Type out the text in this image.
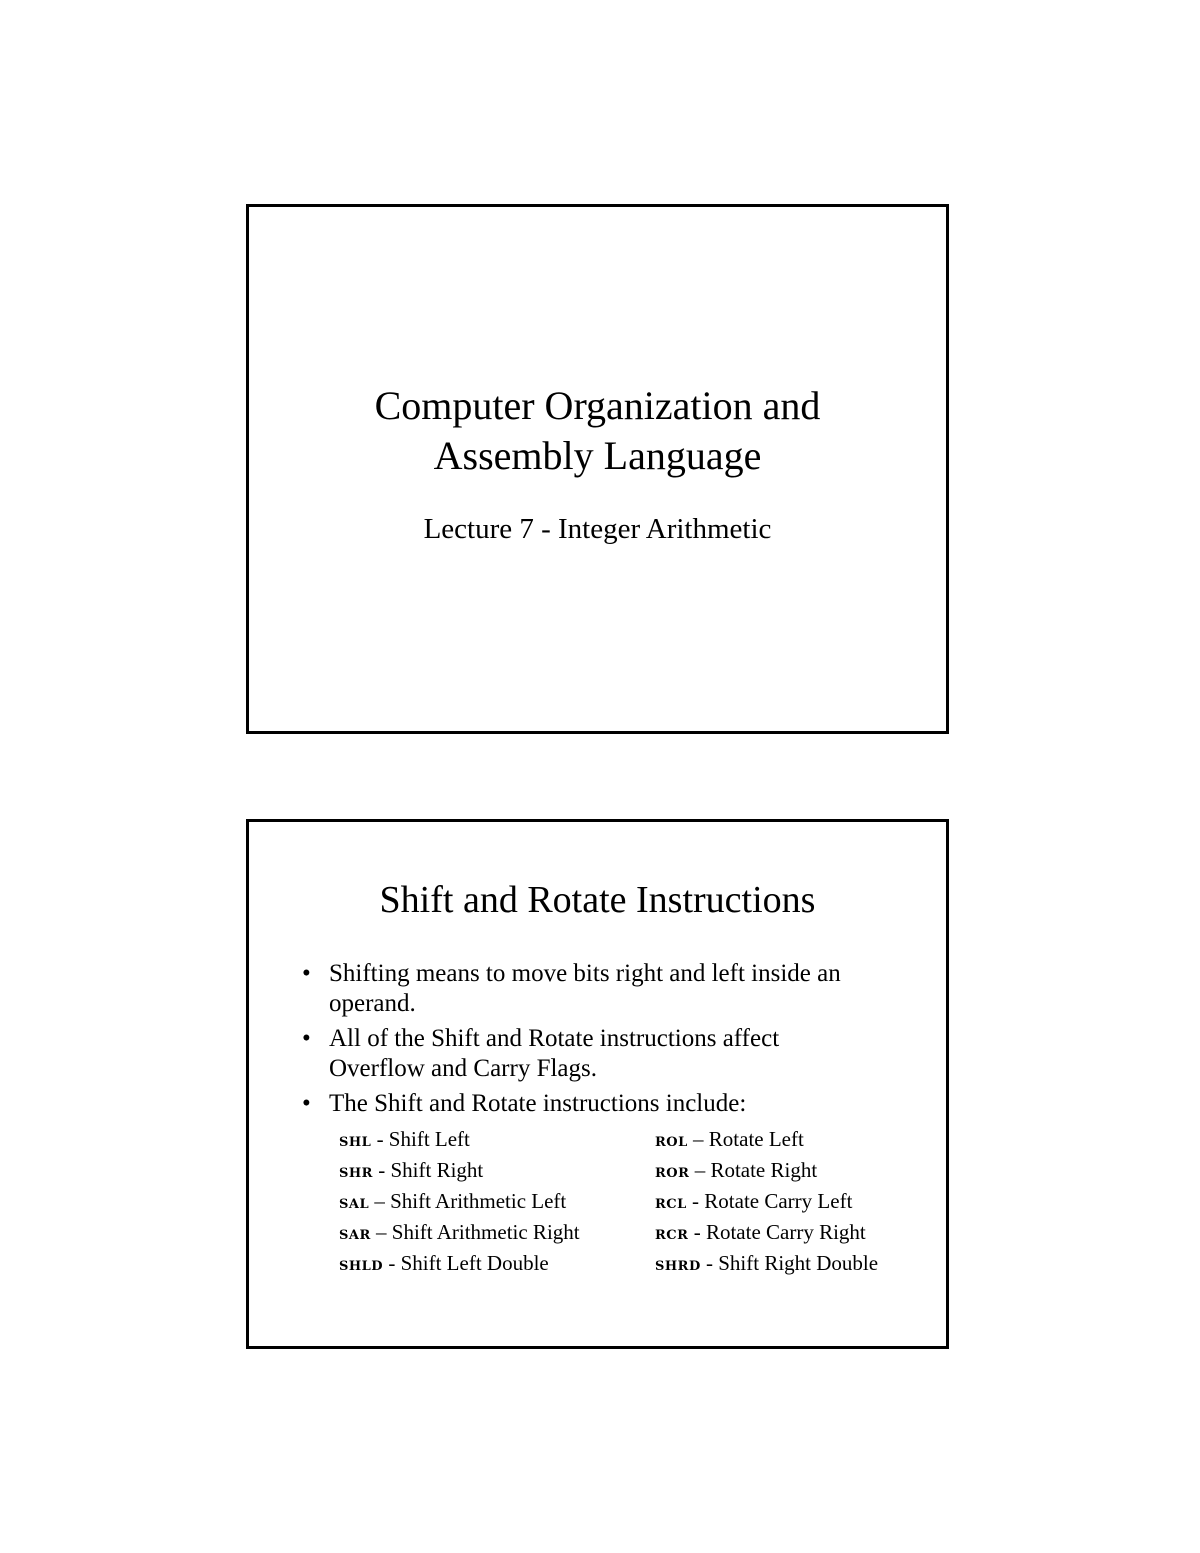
Computer Organization and
Assembly Language
Lecture 7 - Integer Arithmetic
Shift and Rotate Instructions
• Shifting means to move bits right and left inside an
operand.
• All of the Shift and Rotate instructions affect
Overflow and Carry Flags.
• The Shift and Rotate instructions include:
SHL - Shift Left	ROL – Rotate Left
SHR - Shift Right	ROR – Rotate Right
SAL – Shift Arithmetic Left	RCL - Rotate Carry Left
SAR – Shift Arithmetic Right	RCR - Rotate Carry Right
SHLD - Shift Left Double	SHRD - Shift Right Double
